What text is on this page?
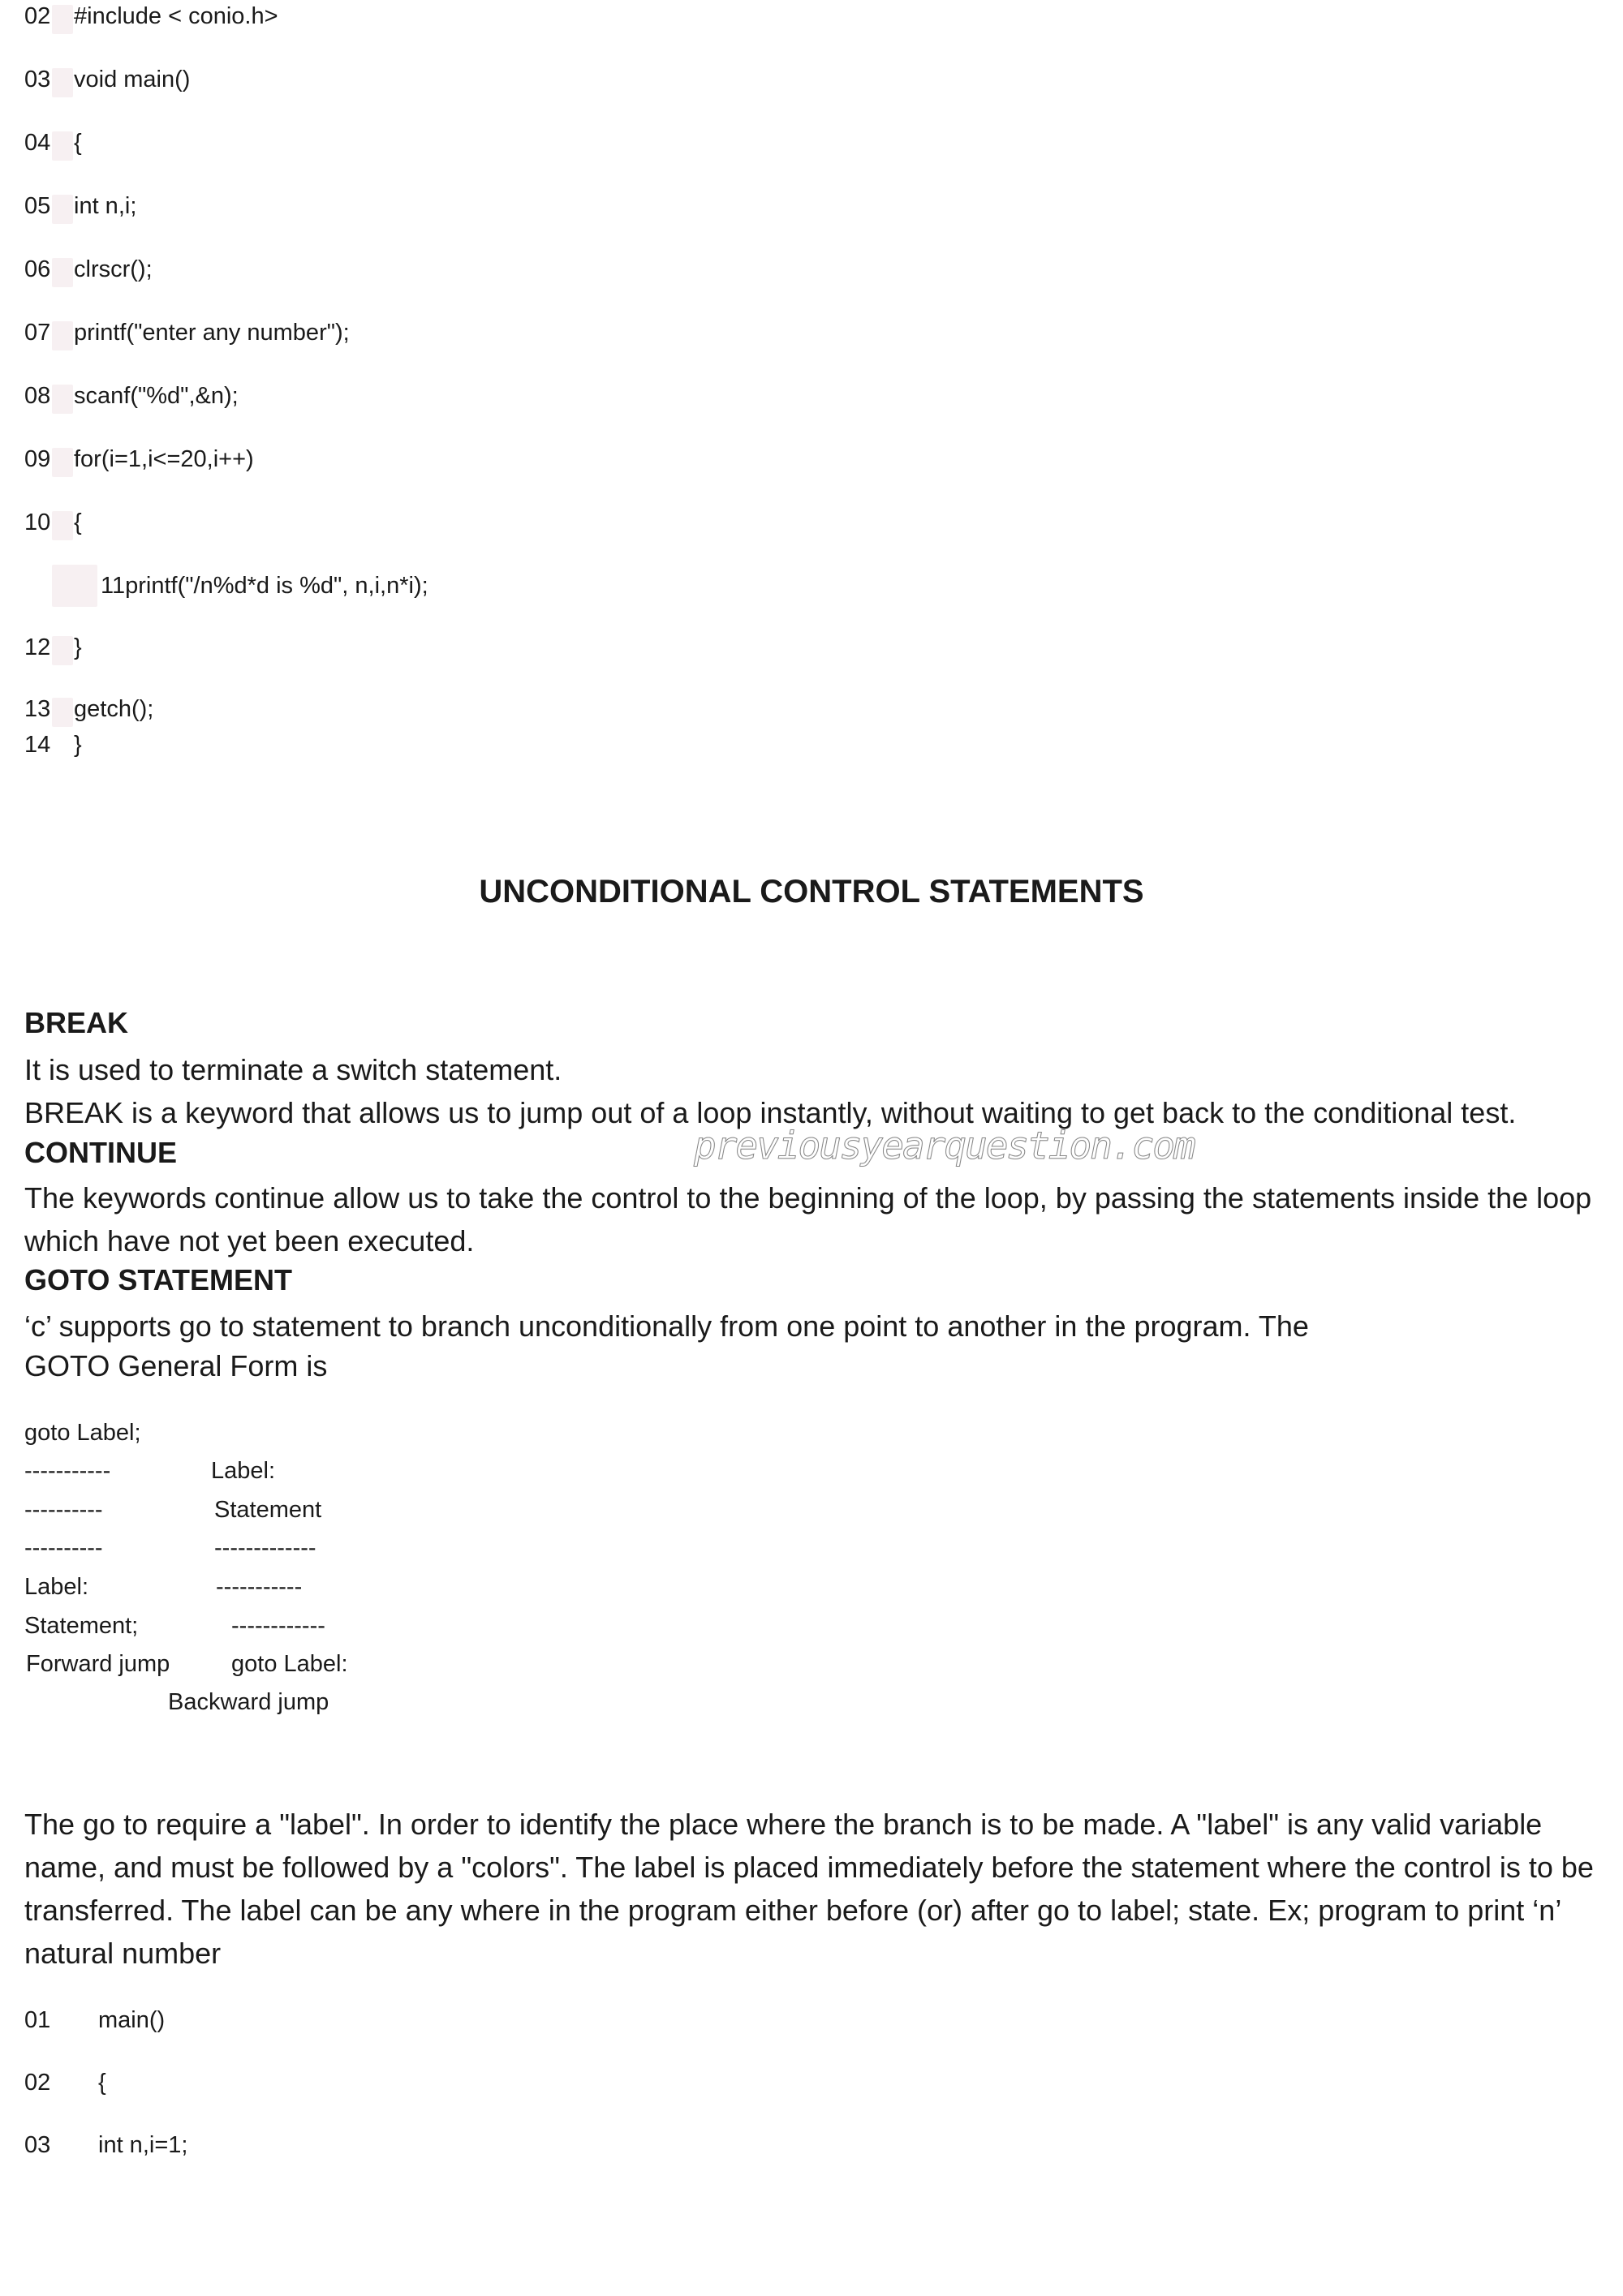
02 #include < conio.h>
03 void main()
04 {
05 int n,i;
06 clrscr();
07 printf("enter any number");
08 scanf("%d",&n);
09 for(i=1,i<=20,i++)
10 {
11printf("/n%d*d is %d", n,i,n*i);
12 }
13 getch();
14 }
UNCONDITIONAL CONTROL STATEMENTS
BREAK
It is used to terminate a switch statement.
BREAK is a keyword that allows us to jump out of a loop instantly, without waiting to get back to the conditional test.
CONTINUE
The keywords continue allow us to take the control to the beginning of the loop, by passing the statements inside the loop which have not yet been executed.
previousyearquestion.com
GOTO STATEMENT
‘c’ supports go to statement to branch unconditionally from one point to another in the program. The
GOTO General Form is
goto Label;
-----------
----------
----------
Label:
Statement;
Forward jump
Label:
Statement
-------------
-----------
------------
goto Label:
Backward jump
The go to require a "label". In order to identify the place where the branch is to be made. A "label" is any valid variable name, and must be followed by a "colors". The label is placed immediately before the statement where the control is to be transferred. The label can be any where in the program either before (or) after go to label; state. Ex; program to print ‘n’ natural number
01 main()
02 {
03 int n,i=1;
